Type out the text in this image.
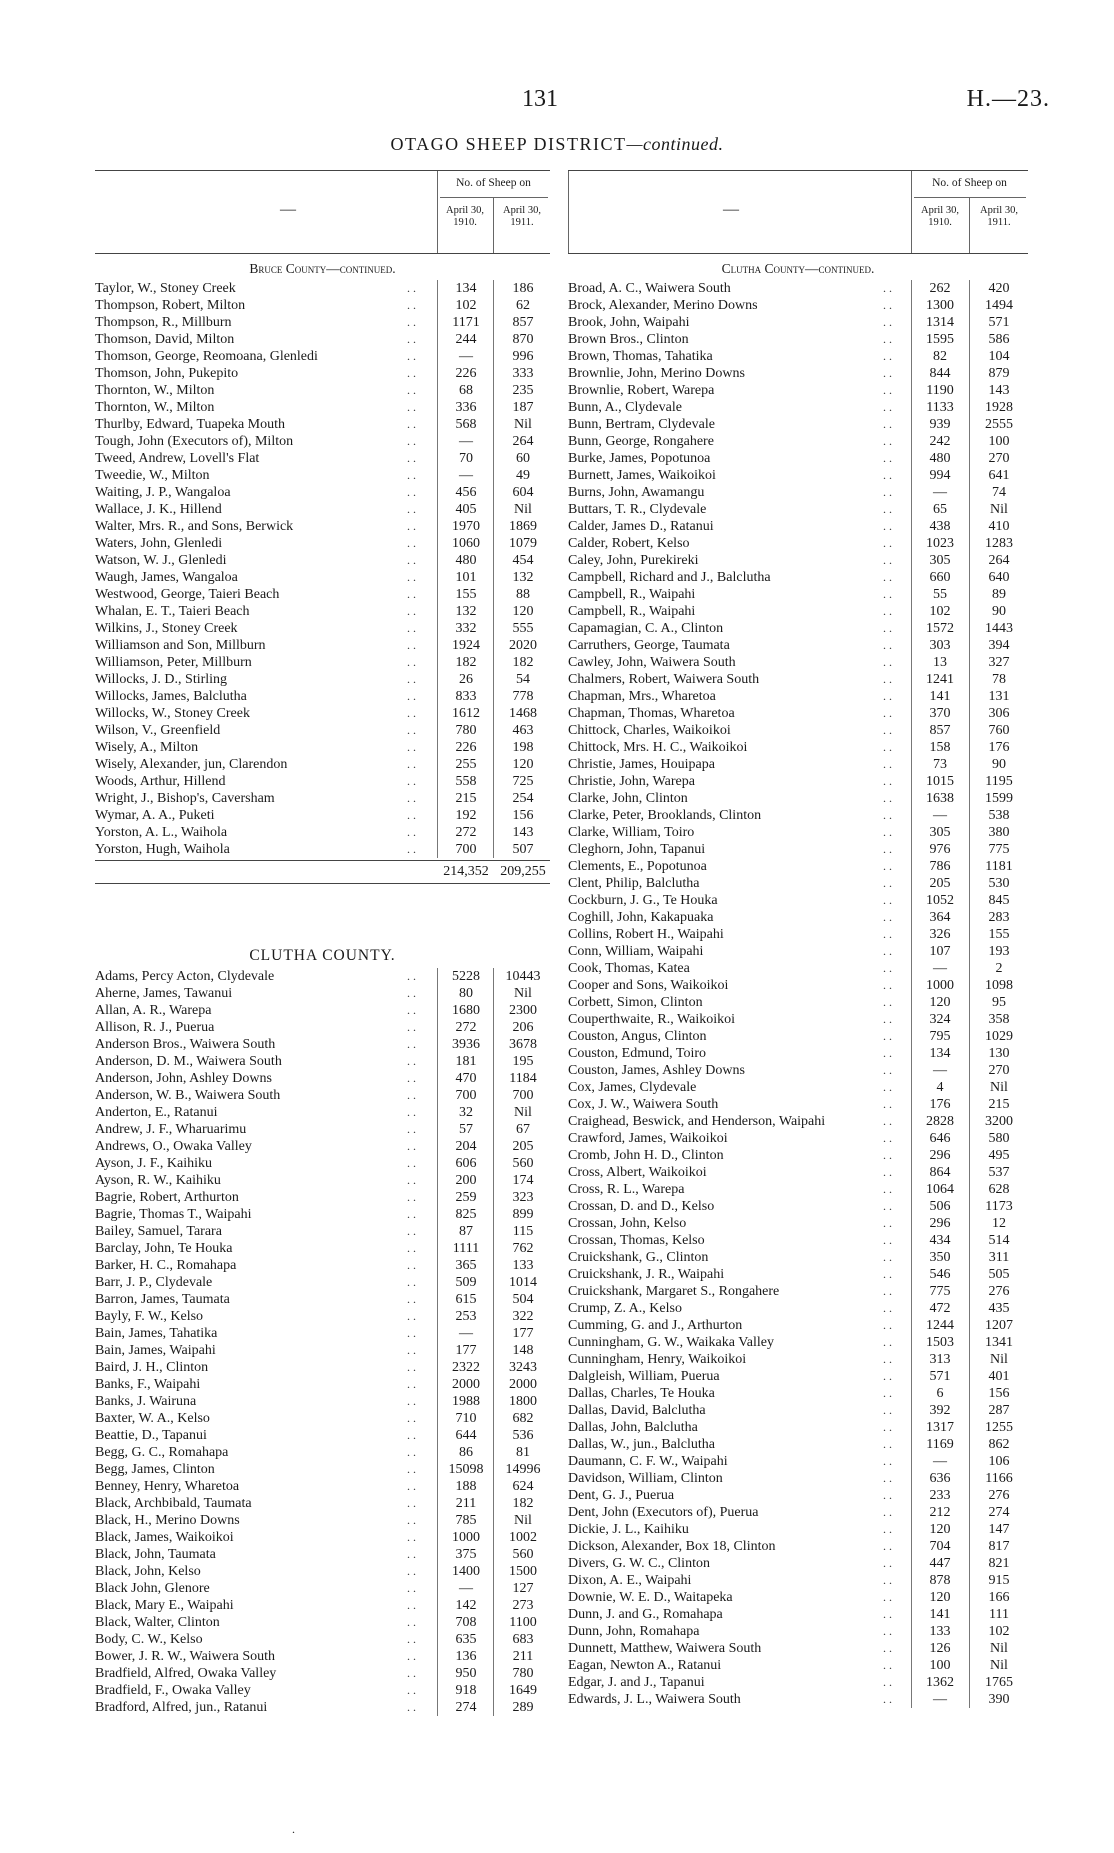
131	H.—23.
OTAGO SHEEP DISTRICT—continued.
—
No. of Sheep on
April 30, 1910.
April 30, 1911.
Bruce County—continued.
Taylor, W., Stoney Creek	. .	134	186
Thompson, Robert, Milton	. .	102	62
Thompson, R., Millburn	. .	1171	857
Thomson, David, Milton	. .	244	870
Thomson, George, Reomoana, Glenledi	. .	—	996
Thomson, John, Pukepito	. .	226	333
Thornton, W., Milton	. .	68	235
Thornton, W., Milton	. .	336	187
Thurlby, Edward, Tuapeka Mouth	. .	568	Nil
Tough, John (Executors of), Milton	. .	—	264
Tweed, Andrew, Lovell's Flat	. .	70	60
Tweedie, W., Milton	. .	—	49
Waiting, J. P., Wangaloa	. .	456	604
Wallace, J. K., Hillend	. .	405	Nil
Walter, Mrs. R., and Sons, Berwick	. .	1970	1869
Waters, John, Glenledi	. .	1060	1079
Watson, W. J., Glenledi	. .	480	454
Waugh, James, Wangaloa	. .	101	132
Westwood, George, Taieri Beach	. .	155	88
Whalan, E. T., Taieri Beach	. .	132	120
Wilkins, J., Stoney Creek	. .	332	555
Williamson and Son, Millburn	. .	1924	2020
Williamson, Peter, Millburn	. .	182	182
Willocks, J. D., Stirling	. .	26	54
Willocks, James, Balclutha	. .	833	778
Willocks, W., Stoney Creek	. .	1612	1468
Wilson, V., Greenfield	. .	780	463
Wisely, A., Milton	. .	226	198
Wisely, Alexander, jun, Clarendon	. .	255	120
Woods, Arthur, Hillend	. .	558	725
Wright, J., Bishop's, Caversham	. .	215	254
Wymar, A. A., Puketi	. .	192	156
Yorston, A. L., Waihola	. .	272	143
Yorston, Hugh, Waihola	. .	700	507
214,352 209,255
CLUTHA COUNTY.
Adams, Percy Acton, Clydevale	. .	5228	10443
Aherne, James, Tawanui	. .	80	Nil
Allan, A. R., Warepa	. .	1680	2300
Allison, R. J., Puerua	. .	272	206
Anderson Bros., Waiwera South	. .	3936	3678
Anderson, D. M., Waiwera South	. .	181	195
Anderson, John, Ashley Downs	. .	470	1184
Anderson, W. B., Waiwera South	. .	700	700
Anderton, E., Ratanui	. .	32	Nil
Andrew, J. F., Wharuarimu	. .	57	67
Andrews, O., Owaka Valley	. .	204	205
Ayson, J. F., Kaihiku	. .	606	560
Ayson, R. W., Kaihiku	. .	200	174
Bagrie, Robert, Arthurton	. .	259	323
Bagrie, Thomas T., Waipahi	. .	825	899
Bailey, Samuel, Tarara	. .	87	115
Barclay, John, Te Houka	. .	1111	762
Barker, H. C., Romahapa	. .	365	133
Barr, J. P., Clydevale	. .	509	1014
Barron, James, Taumata	. .	615	504
Bayly, F. W., Kelso	. .	253	322
Bain, James, Tahatika	. .	—	177
Bain, James, Waipahi	. .	177	148
Baird, J. H., Clinton	. .	2322	3243
Banks, F., Waipahi	. .	2000	2000
Banks, J. Wairuna	. .	1988	1800
Baxter, W. A., Kelso	. .	710	682
Beattie, D., Tapanui	. .	644	536
Begg, G. C., Romahapa	. .	86	81
Begg, James, Clinton	. .	15098	14996
Benney, Henry, Wharetoa	. .	188	624
Black, Archbibald, Taumata	. .	211	182
Black, H., Merino Downs	. .	785	Nil
Black, James, Waikoikoi	. .	1000	1002
Black, John, Taumata	. .	375	560
Black, John, Kelso	. .	1400	1500
Black John, Glenore	. .	—	127
Black, Mary E., Waipahi	. .	142	273
Black, Walter, Clinton	. .	708	1100
Body, C. W., Kelso	. .	635	683
Bower, J. R. W., Waiwera South	. .	136	211
Bradfield, Alfred, Owaka Valley	. .	950	780
Bradfield, F., Owaka Valley	. .	918	1649
Bradford, Alfred, jun., Ratanui	. .	274	289
—
No. of Sheep on
April 30, 1910.
April 30, 1911.
Clutha County—continued.
Broad, A. C., Waiwera South	. .	262	420
Brock, Alexander, Merino Downs	. .	1300	1494
Brook, John, Waipahi	. .	1314	571
Brown Bros., Clinton	. .	1595	586
Brown, Thomas, Tahatika	. .	82	104
Brownlie, John, Merino Downs	. .	844	879
Brownlie, Robert, Warepa	. .	1190	143
Bunn, A., Clydevale	. .	1133	1928
Bunn, Bertram, Clydevale	. .	939	2555
Bunn, George, Rongahere	. .	242	100
Burke, James, Popotunoa	. .	480	270
Burnett, James, Waikoikoi	. .	994	641
Burns, John, Awamangu	. .	—	74
Buttars, T. R., Clydevale	. .	65	Nil
Calder, James D., Ratanui	. .	438	410
Calder, Robert, Kelso	. .	1023	1283
Caley, John, Purekireki	. .	305	264
Campbell, Richard and J., Balclutha	. .	660	640
Campbell, R., Waipahi	. .	55	89
Campbell, R., Waipahi	. .	102	90
Capamagian, C. A., Clinton	. .	1572	1443
Carruthers, George, Taumata	. .	303	394
Cawley, John, Waiwera South	. .	13	327
Chalmers, Robert, Waiwera South	. .	1241	78
Chapman, Mrs., Wharetoa	. .	141	131
Chapman, Thomas, Wharetoa	. .	370	306
Chittock, Charles, Waikoikoi	. .	857	760
Chittock, Mrs. H. C., Waikoikoi	. .	158	176
Christie, James, Houipapa	. .	73	90
Christie, John, Warepa	. .	1015	1195
Clarke, John, Clinton	. .	1638	1599
Clarke, Peter, Brooklands, Clinton	. .	—	538
Clarke, William, Toiro	. .	305	380
Cleghorn, John, Tapanui	. .	976	775
Clements, E., Popotunoa	. .	786	1181
Clent, Philip, Balclutha	. .	205	530
Cockburn, J. G., Te Houka	. .	1052	845
Coghill, John, Kakapuaka	. .	364	283
Collins, Robert H., Waipahi	. .	326	155
Conn, William, Waipahi	. .	107	193
Cook, Thomas, Katea	. .	—	2
Cooper and Sons, Waikoikoi	. .	1000	1098
Corbett, Simon, Clinton	. .	120	95
Couperthwaite, R., Waikoikoi	. .	324	358
Couston, Angus, Clinton	. .	795	1029
Couston, Edmund, Toiro	. .	134	130
Couston, James, Ashley Downs	. .	—	270
Cox, James, Clydevale	. .	4	Nil
Cox, J. W., Waiwera South	. .	176	215
Craighead, Beswick, and Henderson, Waipahi	. .	2828	3200
Crawford, James, Waikoikoi	. .	646	580
Cromb, John H. D., Clinton	. .	296	495
Cross, Albert, Waikoikoi	. .	864	537
Cross, R. L., Warepa	. .	1064	628
Crossan, D. and D., Kelso	. .	506	1173
Crossan, John, Kelso	. .	296	12
Crossan, Thomas, Kelso	. .	434	514
Cruickshank, G., Clinton	. .	350	311
Cruickshank, J. R., Waipahi	. .	546	505
Cruickshank, Margaret S., Rongahere	. .	775	276
Crump, Z. A., Kelso	. .	472	435
Cumming, G. and J., Arthurton	. .	1244	1207
Cunningham, G. W., Waikaka Valley	. .	1503	1341
Cunningham, Henry, Waikoikoi	. .	313	Nil
Dalgleish, William, Puerua	. .	571	401
Dallas, Charles, Te Houka	. .	6	156
Dallas, David, Balclutha	. .	392	287
Dallas, John, Balclutha	. .	1317	1255
Dallas, W., jun., Balclutha	. .	1169	862
Daumann, C. F. W., Waipahi	. .	—	106
Davidson, William, Clinton	. .	636	1166
Dent, G. J., Puerua	. .	233	276
Dent, John (Executors of), Puerua	. .	212	274
Dickie, J. L., Kaihiku	. .	120	147
Dickson, Alexander, Box 18, Clinton	. .	704	817
Divers, G. W. C., Clinton	. .	447	821
Dixon, A. E., Waipahi	. .	878	915
Downie, W. E. D., Waitapeka	. .	120	166
Dunn, J. and G., Romahapa	. .	141	111
Dunn, John, Romahapa	. .	133	102
Dunnett, Matthew, Waiwera South	. .	126	Nil
Eagan, Newton A., Ratanui	. .	100	Nil
Edgar, J. and J., Tapanui	. .	1362	1765
Edwards, J. L., Waiwera South	. .	—	390
.
